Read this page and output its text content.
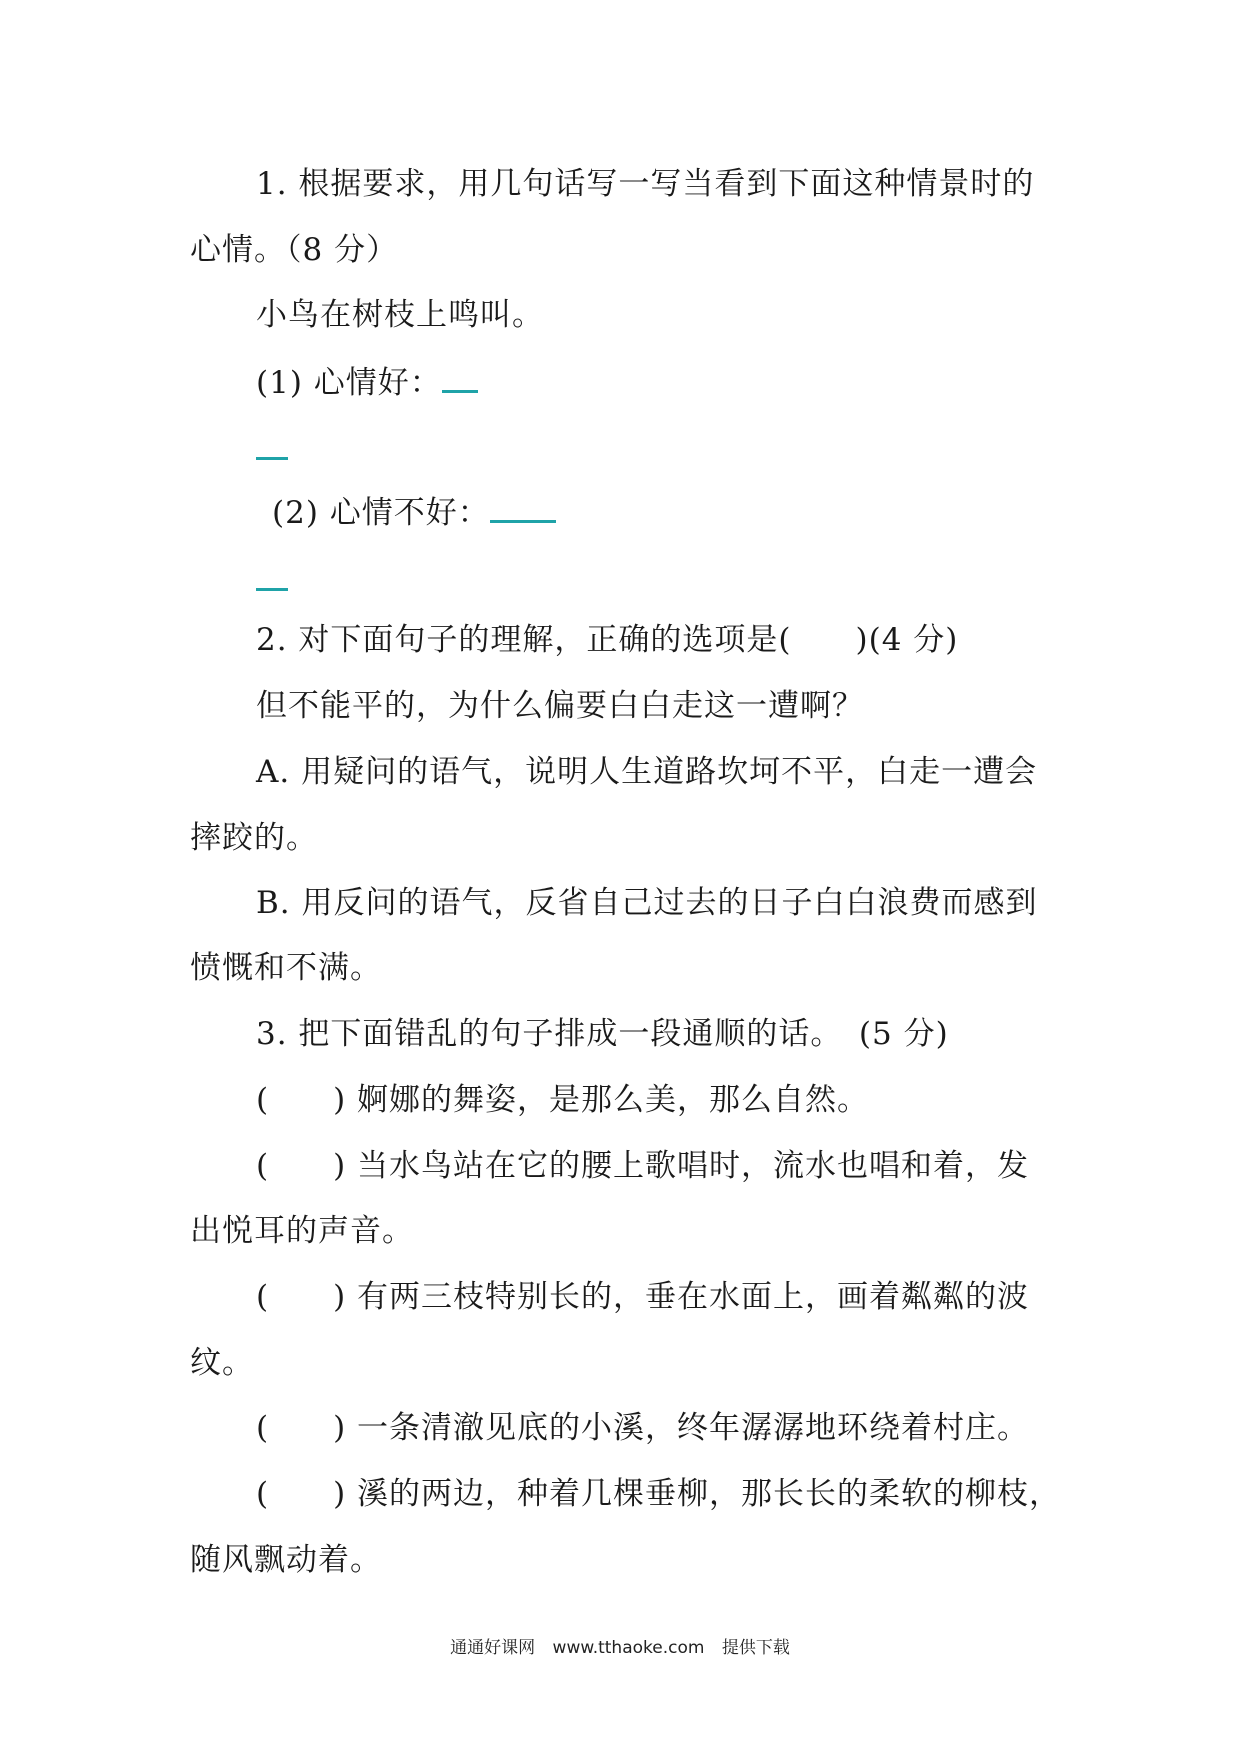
1. 根据要求，用几句话写一写当看到下面这种情景时的
心情。（8 分）
小鸟在树枝上鸣叫。
(1) 心情好：
(2) 心情不好：
2. 对下面句子的理解，正确的选项是(　　)(4 分)
但不能平的，为什么偏要白白走这一遭啊？
A. 用疑问的语气，说明人生道路坎坷不平，白走一遭会
摔跤的。
B. 用反问的语气，反省自己过去的日子白白浪费而感到
愤慨和不满。
3. 把下面错乱的句子排成一段通顺的话。　(5 分)
(　　) 婀娜的舞姿，是那么美，那么自然。
(　　) 当水鸟站在它的腰上歌唱时，流水也唱和着，发
出悦耳的声音。
(　　) 有两三枝特别长的，垂在水面上，画着粼粼的波
纹。
(　　) 一条清澈见底的小溪，终年潺潺地环绕着村庄。
(　　) 溪的两边，种着几棵垂柳，那长长的柔软的柳枝，
随风飘动着。
通通好课网 www.tthaoke.com 提供下载
